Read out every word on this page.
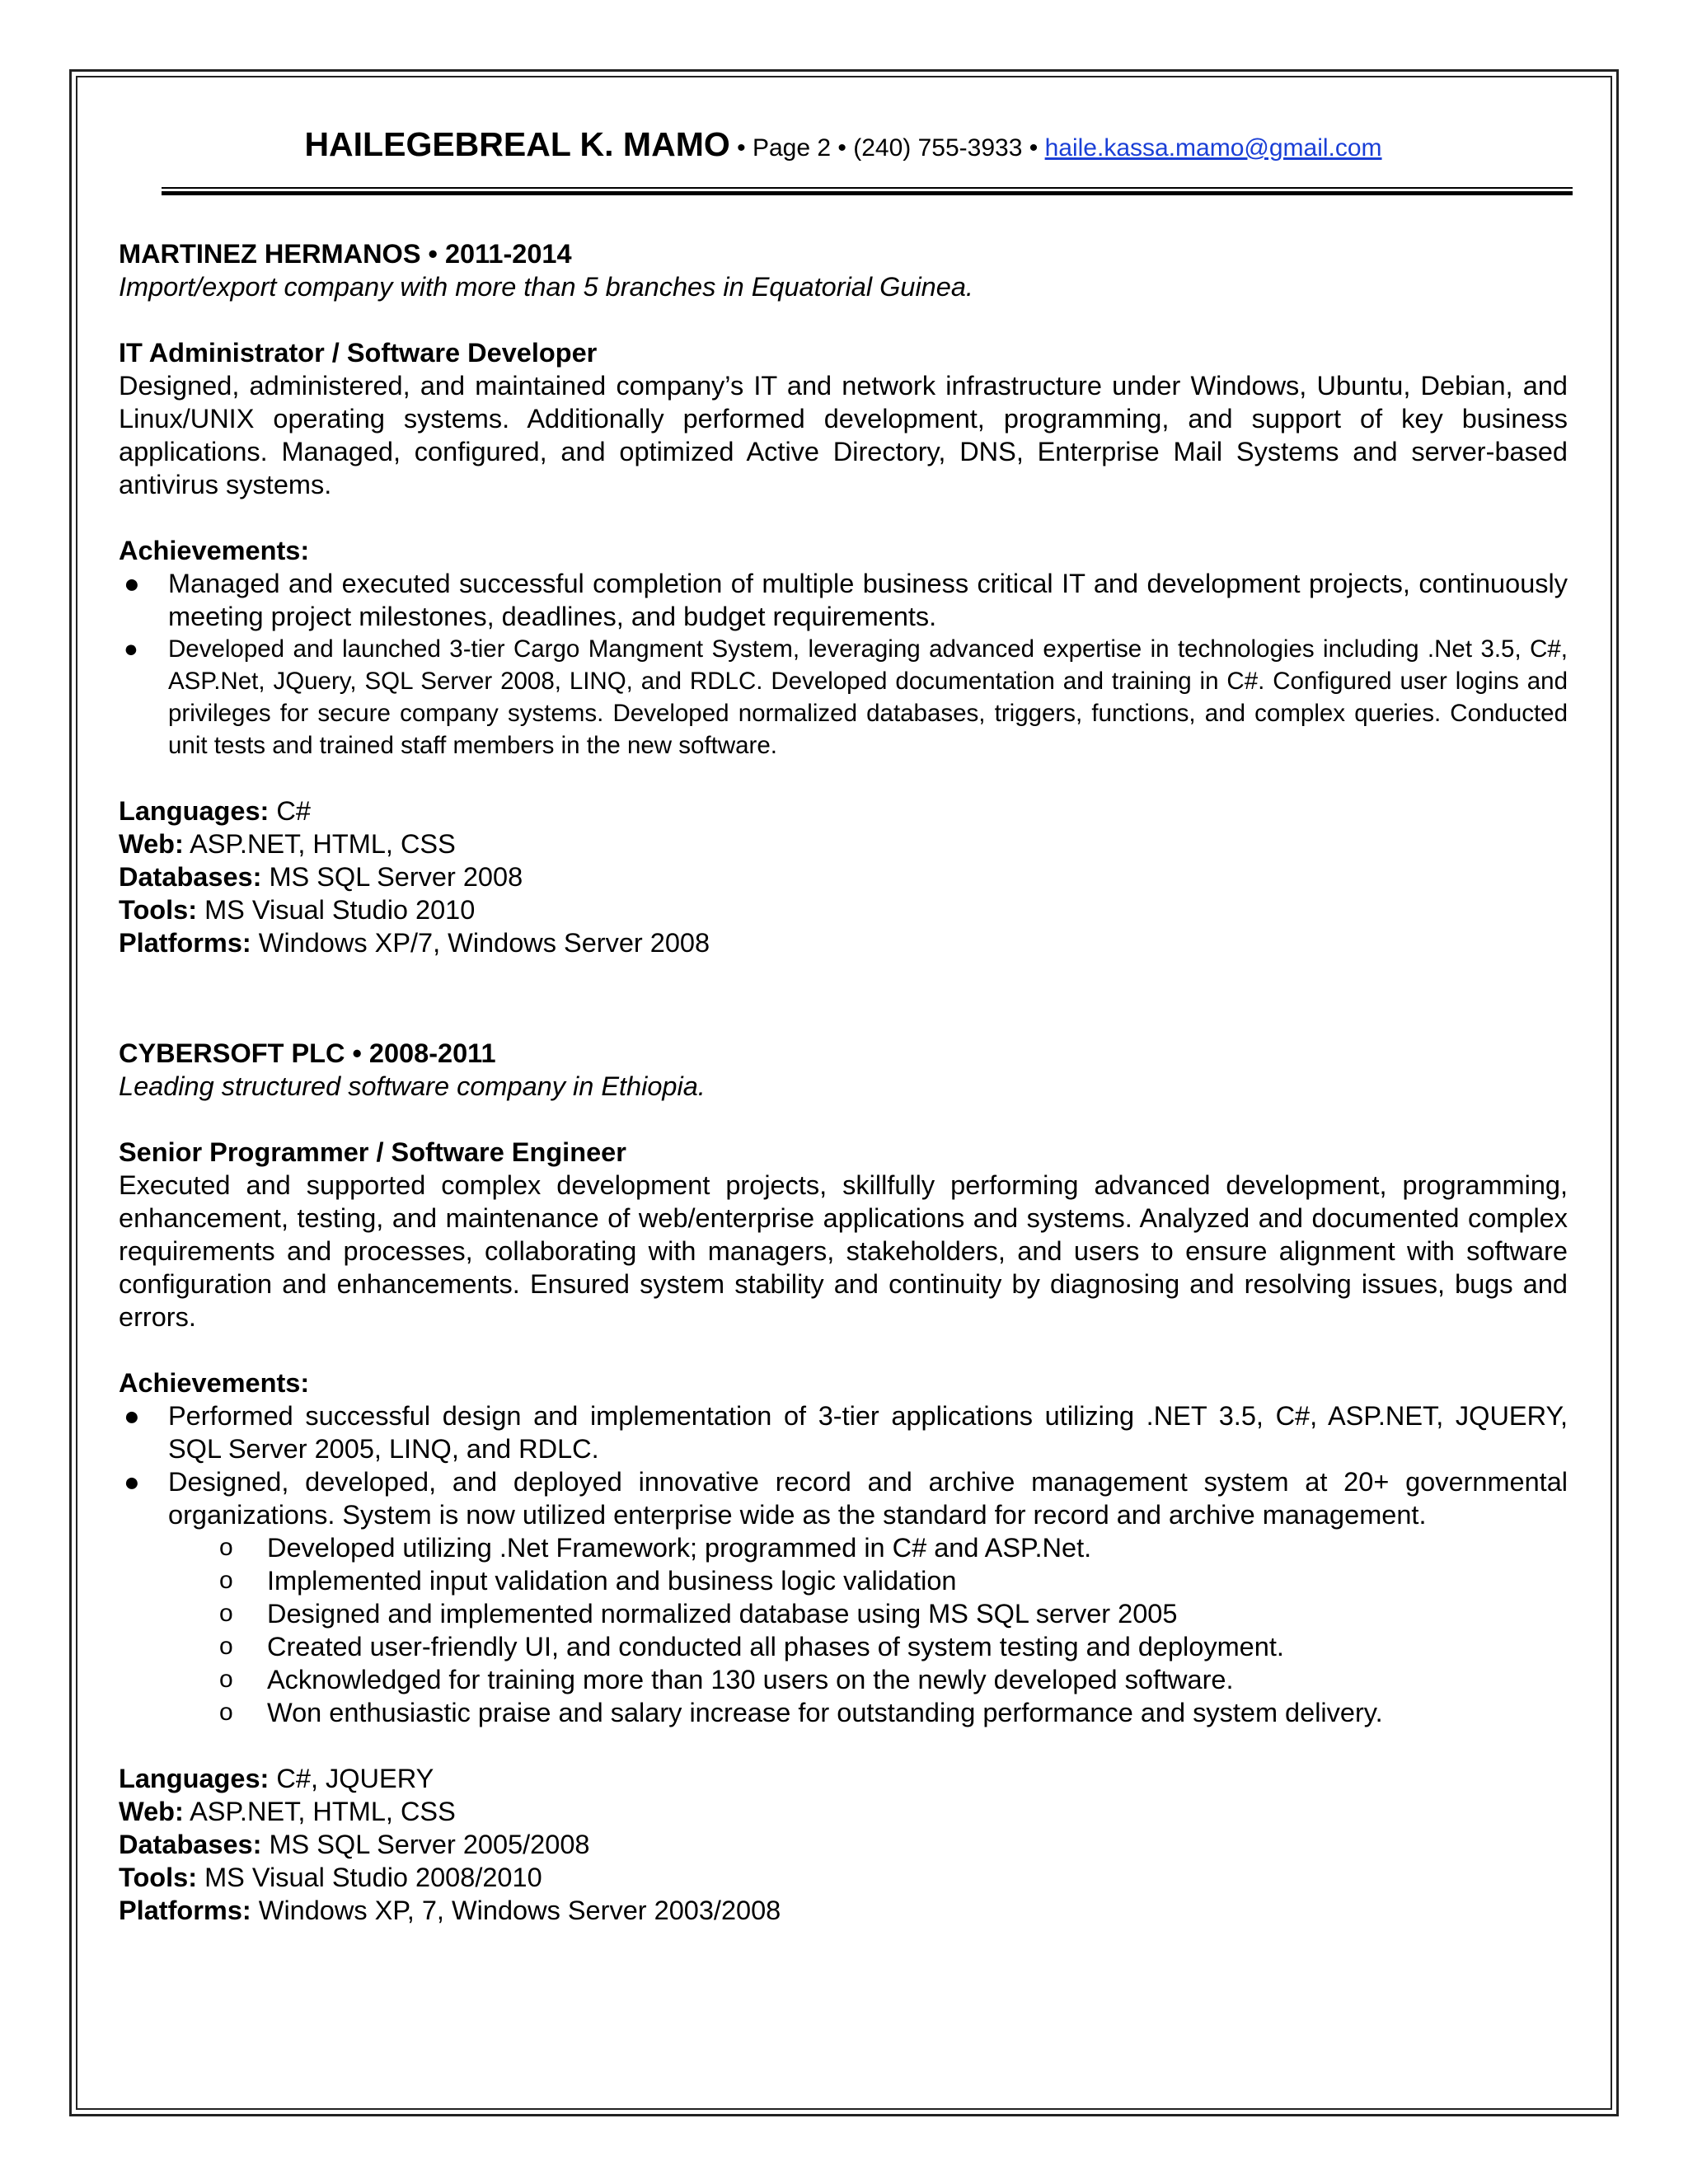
HAILEGEBREAL K. MAMO • Page 2 • (240) 755-3933 • haile.kassa.mamo@gmail.com
MARTINEZ HERMANOS • 2011-2014
Import/export company with more than 5 branches in Equatorial Guinea.
IT Administrator / Software Developer
Designed, administered, and maintained company’s IT and network infrastructure under Windows, Ubuntu, Debian, and Linux/UNIX operating systems. Additionally performed development, programming, and support of key business applications. Managed, configured, and optimized Active Directory, DNS, Enterprise Mail Systems and server-based antivirus systems.
Achievements:
● Managed and executed successful completion of multiple business critical IT and development projects, continuously meeting project milestones, deadlines, and budget requirements.
● Developed and launched 3-tier Cargo Mangment System, leveraging advanced expertise in technologies including .Net 3.5, C#, ASP.Net, JQuery, SQL Server 2008, LINQ, and RDLC. Developed documentation and training in C#. Configured user logins and privileges for secure company systems. Developed normalized databases, triggers, functions, and complex queries. Conducted unit tests and trained staff members in the new software.
Languages: C#
Web: ASP.NET, HTML, CSS
Databases: MS SQL Server 2008
Tools: MS Visual Studio 2010
Platforms: Windows XP/7, Windows Server 2008
CYBERSOFT PLC • 2008-2011
Leading structured software company in Ethiopia.
Senior Programmer / Software Engineer
Executed and supported complex development projects, skillfully performing advanced development, programming, enhancement, testing, and maintenance of web/enterprise applications and systems. Analyzed and documented complex requirements and processes, collaborating with managers, stakeholders, and users to ensure alignment with software configuration and enhancements. Ensured system stability and continuity by diagnosing and resolving issues, bugs and errors.
Achievements:
● Performed successful design and implementation of 3-tier applications utilizing .NET 3.5, C#, ASP.NET, JQUERY, SQL Server 2005, LINQ, and RDLC.
● Designed, developed, and deployed innovative record and archive management system at 20+ governmental organizations. System is now utilized enterprise wide as the standard for record and archive management.
o Developed utilizing .Net Framework; programmed in C# and ASP.Net.
o Implemented input validation and business logic validation
o Designed and implemented normalized database using MS SQL server 2005
o Created user-friendly UI, and conducted all phases of system testing and deployment.
o Acknowledged for training more than 130 users on the newly developed software.
o Won enthusiastic praise and salary increase for outstanding performance and system delivery.
Languages: C#, JQUERY
Web: ASP.NET, HTML, CSS
Databases: MS SQL Server 2005/2008
Tools: MS Visual Studio 2008/2010
Platforms: Windows XP, 7, Windows Server 2003/2008
